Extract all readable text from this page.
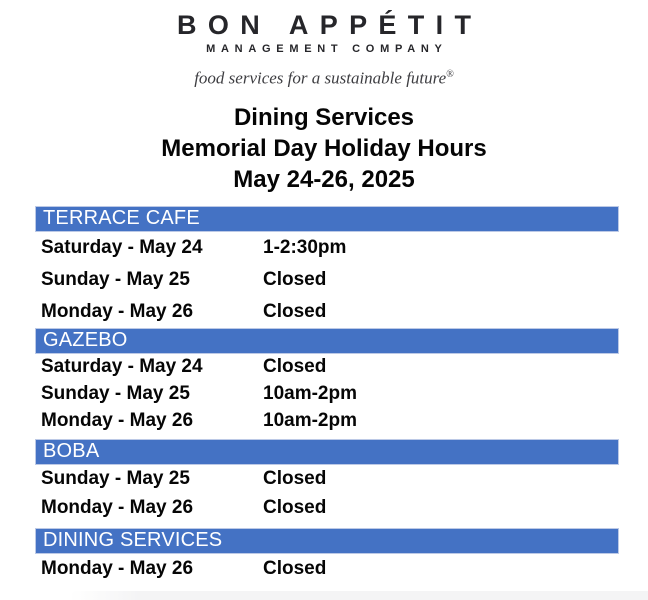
BON APPÉTIT
MANAGEMENT COMPANY
food services for a sustainable future®
Dining Services
Memorial Day Holiday Hours
May 24-26, 2025
TERRACE CAFE
Saturday - May 24	1-2:30pm
Sunday - May 25	Closed
Monday - May 26	Closed
GAZEBO
Saturday - May 24	Closed
Sunday - May 25	10am-2pm
Monday - May 26	10am-2pm
BOBA
Sunday - May 25	Closed
Monday - May 26	Closed
DINING SERVICES
Monday - May 26	Closed
